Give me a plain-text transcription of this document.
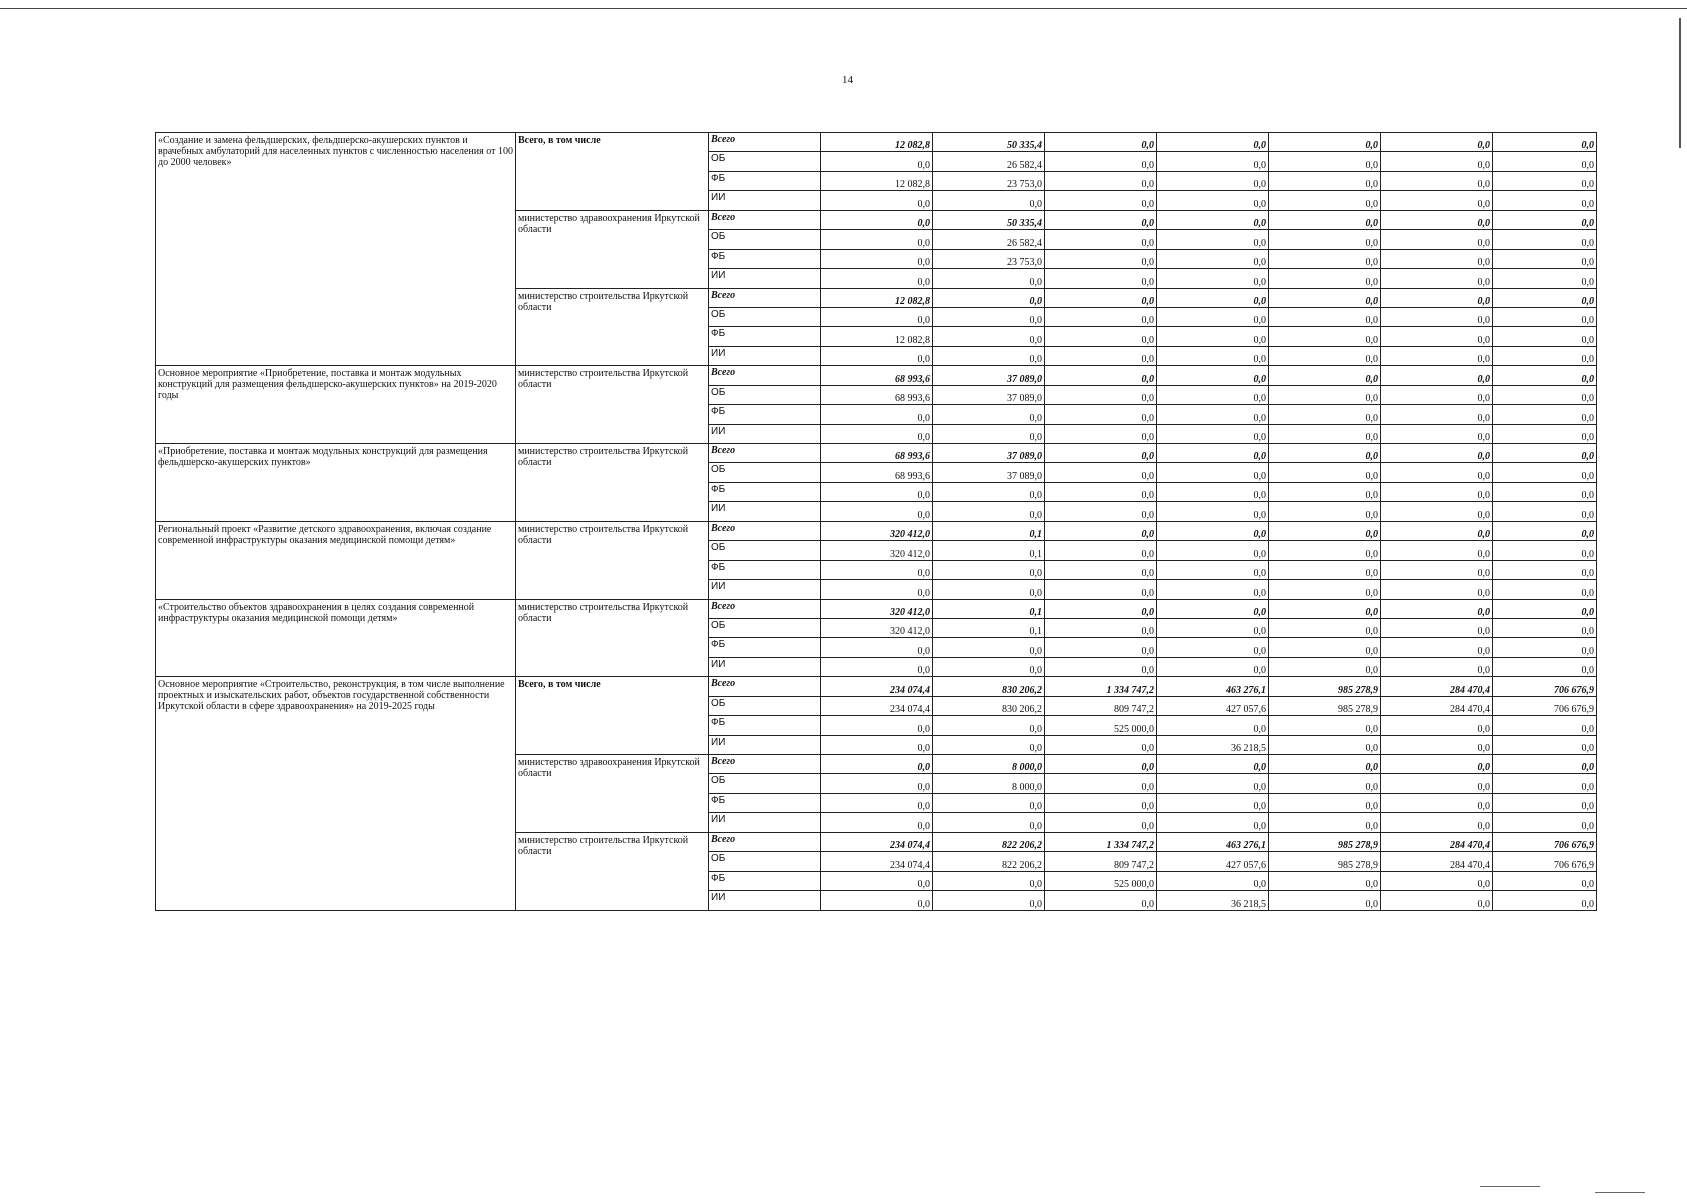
14
«Создание и замена фельдшерских, фельдшерско-акушерских пунктов и врачебных амбулаторий для населенных пунктов с численностью населения от 100 до 2000 человек»	Всего, в том числе	Всего	12 082,8	50 335,4	0,0	0,0	0,0	0,0	0,0
		ОБ	0,0	26 582,4	0,0	0,0	0,0	0,0	0,0
		ФБ	12 082,8	23 753,0	0,0	0,0	0,0	0,0	0,0
		ИИ	0,0	0,0	0,0	0,0	0,0	0,0	0,0
	министерство здравоохранения Иркутской области	Всего	0,0	50 335,4	0,0	0,0	0,0	0,0	0,0
		ОБ	0,0	26 582,4	0,0	0,0	0,0	0,0	0,0
		ФБ	0,0	23 753,0	0,0	0,0	0,0	0,0	0,0
		ИИ	0,0	0,0	0,0	0,0	0,0	0,0	0,0
	министерство строительства Иркутской области	Всего	12 082,8	0,0	0,0	0,0	0,0	0,0	0,0
		ОБ	0,0	0,0	0,0	0,0	0,0	0,0	0,0
		ФБ	12 082,8	0,0	0,0	0,0	0,0	0,0	0,0
		ИИ	0,0	0,0	0,0	0,0	0,0	0,0	0,0
Основное мероприятие «Приобретение, поставка и монтаж модульных конструкций для размещения фельдшерско-акушерских пунктов» на 2019-2020 годы	министерство строительства Иркутской области	Всего	68 993,6	37 089,0	0,0	0,0	0,0	0,0	0,0
		ОБ	68 993,6	37 089,0	0,0	0,0	0,0	0,0	0,0
		ФБ	0,0	0,0	0,0	0,0	0,0	0,0	0,0
		ИИ	0,0	0,0	0,0	0,0	0,0	0,0	0,0
«Приобретение, поставка и монтаж модульных конструкций для размещения фельдшерско-акушерских пунктов»	министерство строительства Иркутской области	Всего	68 993,6	37 089,0	0,0	0,0	0,0	0,0	0,0
		ОБ	68 993,6	37 089,0	0,0	0,0	0,0	0,0	0,0
		ФБ	0,0	0,0	0,0	0,0	0,0	0,0	0,0
		ИИ	0,0	0,0	0,0	0,0	0,0	0,0	0,0
Региональный проект «Развитие детского здравоохранения, включая создание современной инфраструктуры оказания медицинской помощи детям»	министерство строительства Иркутской области	Всего	320 412,0	0,1	0,0	0,0	0,0	0,0	0,0
		ОБ	320 412,0	0,1	0,0	0,0	0,0	0,0	0,0
		ФБ	0,0	0,0	0,0	0,0	0,0	0,0	0,0
		ИИ	0,0	0,0	0,0	0,0	0,0	0,0	0,0
«Строительство объектов здравоохранения в целях создания современной инфраструктуры оказания медицинской помощи детям»	министерство строительства Иркутской области	Всего	320 412,0	0,1	0,0	0,0	0,0	0,0	0,0
		ОБ	320 412,0	0,1	0,0	0,0	0,0	0,0	0,0
		ФБ	0,0	0,0	0,0	0,0	0,0	0,0	0,0
		ИИ	0,0	0,0	0,0	0,0	0,0	0,0	0,0
Основное мероприятие «Строительство, реконструкция, в том числе выполнение проектных и изыскательских работ, объектов государственной собственности Иркутской области в сфере здравоохранения» на 2019-2025 годы	Всего, в том числе	Всего	234 074,4	830 206,2	1 334 747,2	463 276,1	985 278,9	284 470,4	706 676,9
		ОБ	234 074,4	830 206,2	809 747,2	427 057,6	985 278,9	284 470,4	706 676,9
		ФБ	0,0	0,0	525 000,0	0,0	0,0	0,0	0,0
		ИИ	0,0	0,0	0,0	36 218,5	0,0	0,0	0,0
	министерство здравоохранения Иркутской области	Всего	0,0	8 000,0	0,0	0,0	0,0	0,0	0,0
		ОБ	0,0	8 000,0	0,0	0,0	0,0	0,0	0,0
		ФБ	0,0	0,0	0,0	0,0	0,0	0,0	0,0
		ИИ	0,0	0,0	0,0	0,0	0,0	0,0	0,0
	министерство строительства Иркутской области	Всего	234 074,4	822 206,2	1 334 747,2	463 276,1	985 278,9	284 470,4	706 676,9
		ОБ	234 074,4	822 206,2	809 747,2	427 057,6	985 278,9	284 470,4	706 676,9
		ФБ	0,0	0,0	525 000,0	0,0	0,0	0,0	0,0
		ИИ	0,0	0,0	0,0	36 218,5	0,0	0,0	0,0
